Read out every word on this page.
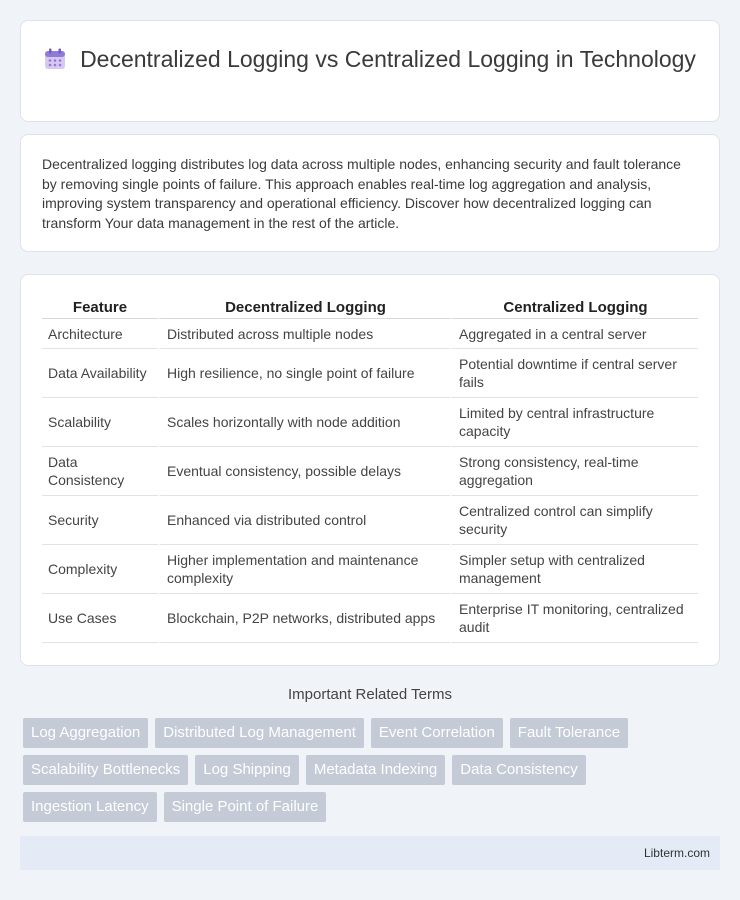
Decentralized Logging vs Centralized Logging in Technology

Decentralized logging distributes log data across multiple nodes, enhancing security and fault tolerance by removing single points of failure. This approach enables real-time log aggregation and analysis, improving system transparency and operational efficiency. Discover how decentralized logging can transform Your data management in the rest of the article.

Feature	Decentralized Logging	Centralized Logging
Architecture	Distributed across multiple nodes	Aggregated in a central server
Data Availability	High resilience, no single point of failure	Potential downtime if central server fails
Scalability	Scales horizontally with node addition	Limited by central infrastructure capacity
Data Consistency	Eventual consistency, possible delays	Strong consistency, real-time aggregation
Security	Enhanced via distributed control	Centralized control can simplify security
Complexity	Higher implementation and maintenance complexity	Simpler setup with centralized management
Use Cases	Blockchain, P2P networks, distributed apps	Enterprise IT monitoring, centralized audit
Important Related Terms
Log Aggregation	Distributed Log Management	Event Correlation	Fault Tolerance
Scalability Bottlenecks	Log Shipping	Metadata Indexing	Data Consistency
Ingestion Latency	Single Point of Failure
Libterm.com
